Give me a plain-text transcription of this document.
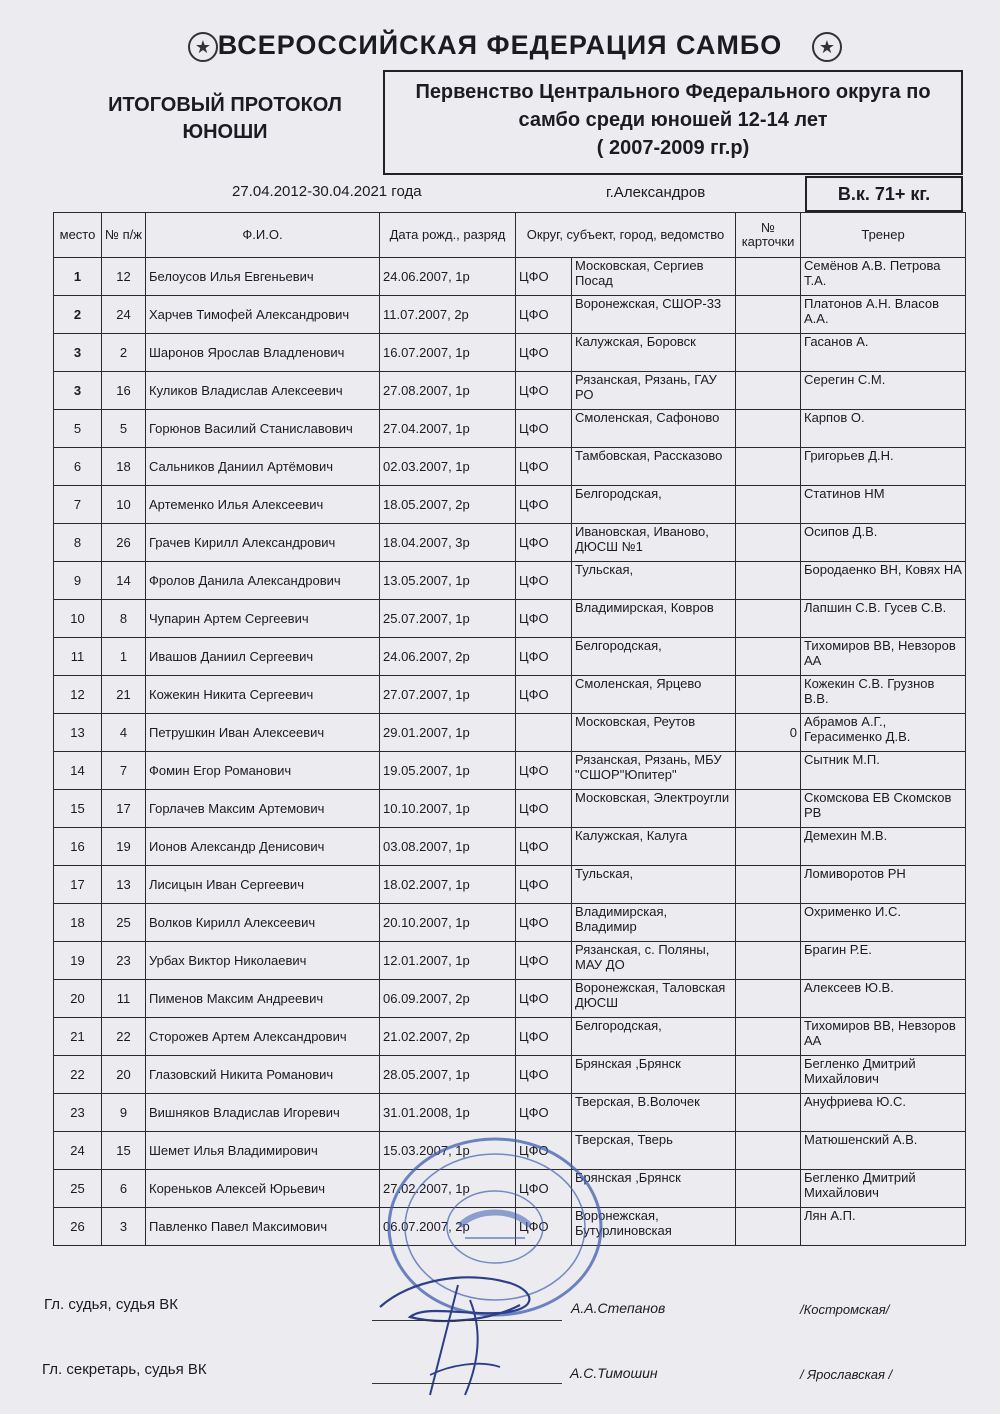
★ ВСЕРОССИЙСКАЯ ФЕДЕРАЦИЯ САМБО	★
ИТОГОВЫЙ ПРОТОКОЛ
ЮНОШИ
Первенство Центрального Федерального округа по
самбо среди юношей 12-14 лет
( 2007-2009 гг.р)
27.04.2012-30.04.2021 года	г.Александров	В.к. 71+ кг.
место	№ п/ж	Ф.И.О.	Дата рожд., разряд	Округ, субъект, город, ведомство		№ карточки	Тренер
1	12	Белоусов Илья Евгеньевич	24.06.2007, 1р	ЦФО	Московская, Сергиев Посад		Семёнов А.В. Петрова Т.А.
2	24	Харчев Тимофей Александрович	11.07.2007, 2р	ЦФО	Воронежская, СШОР-33		Платонов А.Н. Власов А.А.
3	2	Шаронов Ярослав Владленович	16.07.2007, 1р	ЦФО	Калужская, Боровск		Гасанов А.
3	16	Куликов Владислав Алексеевич	27.08.2007, 1р	ЦФО	Рязанская, Рязань, ГАУ РО		Серегин С.М.
5	5	Горюнов Василий Станиславович	27.04.2007, 1р	ЦФО	Смоленская, Сафоново		Карпов О.
6	18	Сальников Даниил Артёмович	02.03.2007, 1р	ЦФО	Тамбовская, Рассказово		Григорьев Д.Н.
7	10	Артеменко Илья Алексеевич	18.05.2007, 2р	ЦФО	Белгородская,		Статинов НМ
8	26	Грачев Кирилл Александрович	18.04.2007, 3р	ЦФО	Ивановская, Иваново, ДЮСШ №1		Осипов Д.В.
9	14	Фролов Данила Александрович	13.05.2007, 1р	ЦФО	Тульская,		Бородаенко ВН, Ковях НА
10	8	Чупарин Артем Сергеевич	25.07.2007, 1р	ЦФО	Владимирская, Ковров		Лапшин С.В. Гусев С.В.
11	1	Ивашов Даниил Сергеевич	24.06.2007, 2р	ЦФО	Белгородская,		Тихомиров ВВ, Невзоров АА
12	21	Кожекин Никита Сергеевич	27.07.2007, 1р	ЦФО	Смоленская, Ярцево		Кожекин С.В. Грузнов В.В.
13	4	Петрушкин Иван Алексеевич	29.01.2007, 1р		Московская, Реутов	0	Абрамов А.Г., Герасименко Д.В.
14	7	Фомин Егор Романович	19.05.2007, 1р	ЦФО	Рязанская, Рязань, МБУ "СШОР"Юпитер"		Сытник М.П.
15	17	Горлачев Максим Артемович	10.10.2007, 1р	ЦФО	Московская, Электроугли		Скомскова ЕВ Скомсков РВ
16	19	Ионов Александр Денисович	03.08.2007, 1р	ЦФО	Калужская, Калуга		Демехин М.В.
17	13	Лисицын Иван Сергеевич	18.02.2007, 1р	ЦФО	Тульская,		Ломиворотов РН
18	25	Волков Кирилл Алексеевич	20.10.2007, 1р	ЦФО	Владимирская, Владимир		Охрименко И.С.
19	23	Урбах Виктор Николаевич	12.01.2007, 1р	ЦФО	Рязанская, с. Поляны, МАУ ДО		Брагин Р.Е.
20	11	Пименов Максим Андреевич	06.09.2007, 2р	ЦФО	Воронежская, Таловская ДЮСШ		Алексеев Ю.В.
21	22	Сторожев Артем Александрович	21.02.2007, 2р	ЦФО	Белгородская,		Тихомиров ВВ, Невзоров АА
22	20	Глазовский Никита Романович	28.05.2007, 1р	ЦФО	Брянская ,Брянск		Бегленко Дмитрий Михайлович
23	9	Вишняков Владислав Игоревич	31.01.2008, 1р	ЦФО	Тверская, В.Волочек		Ануфриева Ю.С.
24	15	Шемет Илья Владимирович	15.03.2007, 1р	ЦФО	Тверская, Тверь		Матюшенский А.В.
25	6	Кореньков Алексей Юрьевич	27.02.2007, 1р	ЦФО	Брянская ,Брянск		Бегленко Дмитрий Михайлович
26	3	Павленко Павел Максимович	06.07.2007, 2р	ЦФО	Воронежская, Бутурлиновская		Лян А.П.
Гл. судья, судья ВК	А.А.Степанов	/Костромская/
Гл. секретарь, судья ВК	А.С.Тимошин	/ Ярославская /
